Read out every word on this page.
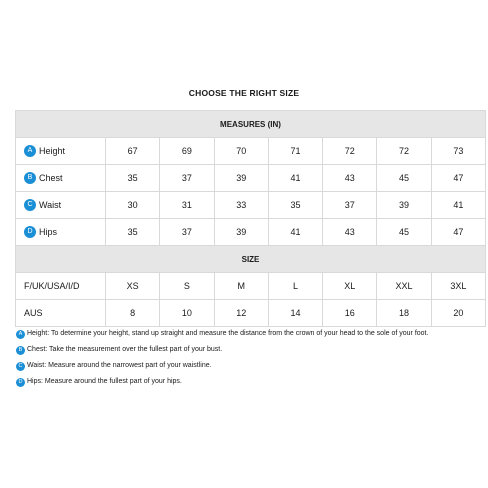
CHOOSE THE RIGHT SIZE
MEASURES (IN)							
A Height	67	69	70	71	72	72	73
B Chest	35	37	39	41	43	45	47
C Waist	30	31	33	35	37	39	41
D Hips	35	37	39	41	43	45	47
SIZE							
F/UK/USA/I/D	XS	S	M	L	XL	XXL	3XL
AUS	8	10	12	14	16	18	20
A Height: To determine your height, stand up straight and measure the distance from the crown of your head to the sole of your foot.
B Chest: Take the measurement over the fullest part of your bust.
C Waist: Measure around the narrowest part of your waistline.
D Hips: Measure around the fullest part of your hips.
